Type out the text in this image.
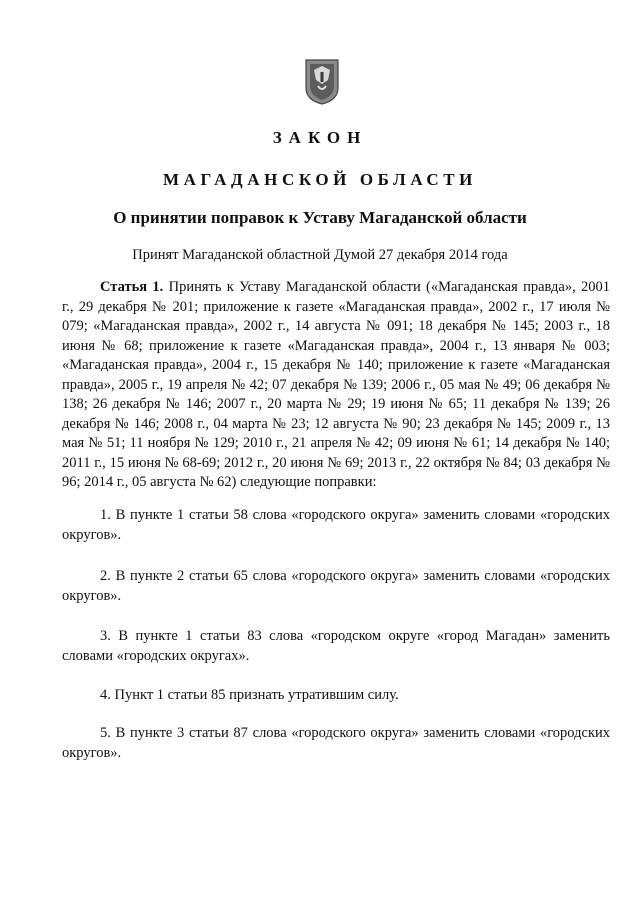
ЗАКОН
МАГАДАНСКОЙ ОБЛАСТИ
О принятии поправок к Уставу Магаданской области
Принят Магаданской областной Думой 27 декабря 2014 года

Статья 1. Принять к Уставу Магаданской области («Магаданская правда», 2001 г., 29 декабря № 201; приложение к газете «Магаданская правда», 2002 г., 17 июля № 079; «Магаданская правда», 2002 г., 14 августа № 091; 18 декабря № 145; 2003 г., 18 июня № 68; приложение к газете «Магаданская правда», 2004 г., 13 января № 003; «Магаданская правда», 2004 г., 15 декабря № 140; приложение к газете «Магаданская правда», 2005 г., 19 апреля № 42; 07 декабря № 139; 2006 г., 05 мая № 49; 06 декабря № 138; 26 декабря № 146; 2007 г., 20 марта № 29; 19 июня № 65; 11 декабря № 139; 26 декабря № 146; 2008 г., 04 марта № 23; 12 августа № 90; 23 декабря № 145; 2009 г., 13 мая № 51; 11 ноября № 129; 2010 г., 21 апреля № 42; 09 июня № 61; 14 декабря № 140; 2011 г., 15 июня № 68-69; 2012 г., 20 июня № 69; 2013 г., 22 октября № 84; 03 декабря № 96; 2014 г., 05 августа № 62) следующие поправки:

1. В пункте 1 статьи 58 слова «городского округа» заменить словами «городских округов».

2. В пункте 2 статьи 65 слова «городского округа» заменить словами «городских округов».

3. В пункте 1 статьи 83 слова «городском округе «город Магадан» заменить словами «городских округах».

4. Пункт 1 статьи 85 признать утратившим силу.

5. В пункте 3 статьи 87 слова «городского округа» заменить словами «городских округов».
